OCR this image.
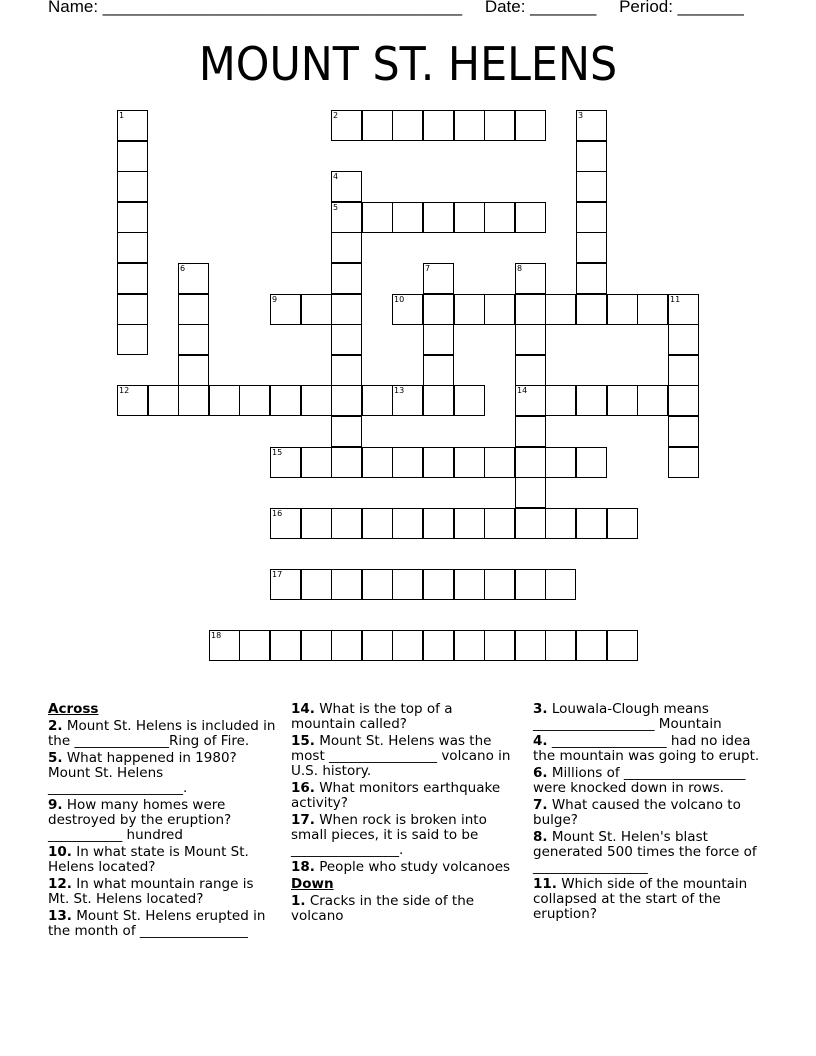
Name: ______________________________________ Date: _______ Period: _______
MOUNT ST. HELENS
1	2	3
4
5
6	7	8
14
9	10	11
12	13
15
16
17
18
Across
2. Mount St. Helens is included in the ______________Ring of Fire.
5. What happened in 1980? Mount St. Helens ____________________.
9. How many homes were destroyed by the eruption? ___________ hundred
10. In what state is Mount St. Helens located?
12. In what mountain range is Mt. St. Helens located?
13. Mount St. Helens erupted in the month of ________________
14. What is the top of a mountain called?
15. Mount St. Helens was the most ________________ volcano in U.S. history.
16. What monitors earthquake activity?
17. When rock is broken into small pieces, it is said to be ________________.
18. People who study volcanoes
Down
1. Cracks in the side of the volcano
3. Louwala-Clough means __________________ Mountain
4. _________________ had no idea the mountain was going to erupt.
6. Millions of __________________ were knocked down in rows.
7. What caused the volcano to bulge?
8. Mount St. Helen's blast generated 500 times the force of _________________
11. Which side of the mountain collapsed at the start of the eruption?
